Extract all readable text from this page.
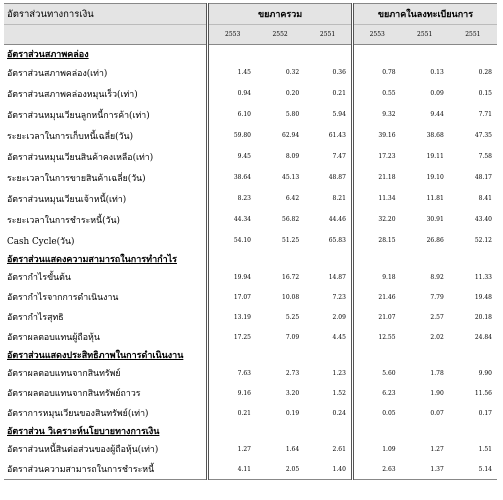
อัตราส่วนทางการเงิน	ขยภาครวม			ขยภาคในลงทะเบียนการ		
	2553	2552	2551	2553	2551	2551
อัตราส่วนสภาพคล่อง						
อัตราส่วนสภาพคล่อง(เท่า)	1.45	0.32	0.36	0.78	0.13	0.28
อัตราส่วนสภาพคล่องหมุนเร็ว(เท่า)	0.94	0.20	0.21	0.55	0.09	0.15
อัตราส่วนหมุนเวียนลูกหนี้การค้า(เท่า)	6.10	5.80	5.94	9.32	9.44	7.71
ระยะเวลาในการเก็บหนี้เฉลี่ย(วัน)	59.80	62.94	61.43	39.16	38.68	47.35
อัตราส่วนหมุนเวียนสินค้าคงเหลือ(เท่า)	9.45	8.09	7.47	17.23	19.11	7.58
ระยะเวลาในการขายสินค้าเฉลี่ย(วัน)	38.64	45.13	48.87	21.18	19.10	48.17
อัตราส่วนหมุนเวียนเจ้าหนี้(เท่า)	8.23	6.42	8.21	11.34	11.81	8.41
ระยะเวลาในการชำระหนี้(วัน)	44.34	56.82	44.46	32.20	30.91	43.40
Cash Cycle(วัน)	54.10	51.25	65.83	28.15	26.86	52.12
อัตราส่วนแสดงความสามารถในการทำกำไร						
อัตรากำไรขั้นต้น	19.94	16.72	14.87	9.18	8.92	11.33
อัตรากำไรจากการดำเนินงาน	17.07	10.08	7.23	21.46	7.79	19.48
อัตรากำไรสุทธิ	13.19	5.25	2.09	21.07	2.57	20.18
อัตราผลตอบแทนผู้ถือหุ้น	17.25	7.09	4.45	12.55	2.02	24.84
อัตราส่วนแสดงประสิทธิภาพในการดำเนินงาน						
อัตราผลตอบแทนจากสินทรัพย์	7.63	2.73	1.23	5.60	1.78	9.90
อัตราผลตอบแทนจากสินทรัพย์ถาวร	9.16	3.20	1.52	6.23	1.90	11.56
อัตราการหมุนเวียนของสินทรัพย์(เท่า)	0.21	0.19	0.24	0.05	0.07	0.17
อัตราส่วน วิเคราะห์นโยบายทางการเงิน						
อัตราส่วนหนี้สินต่อส่วนของผู้ถือหุ้น(เท่า)	1.27	1.64	2.61	1.09	1.27	1.51
อัตราส่วนความสามารถในการชำระหนี้	4.11	2.05	1.40	2.63	1.37	5.14
